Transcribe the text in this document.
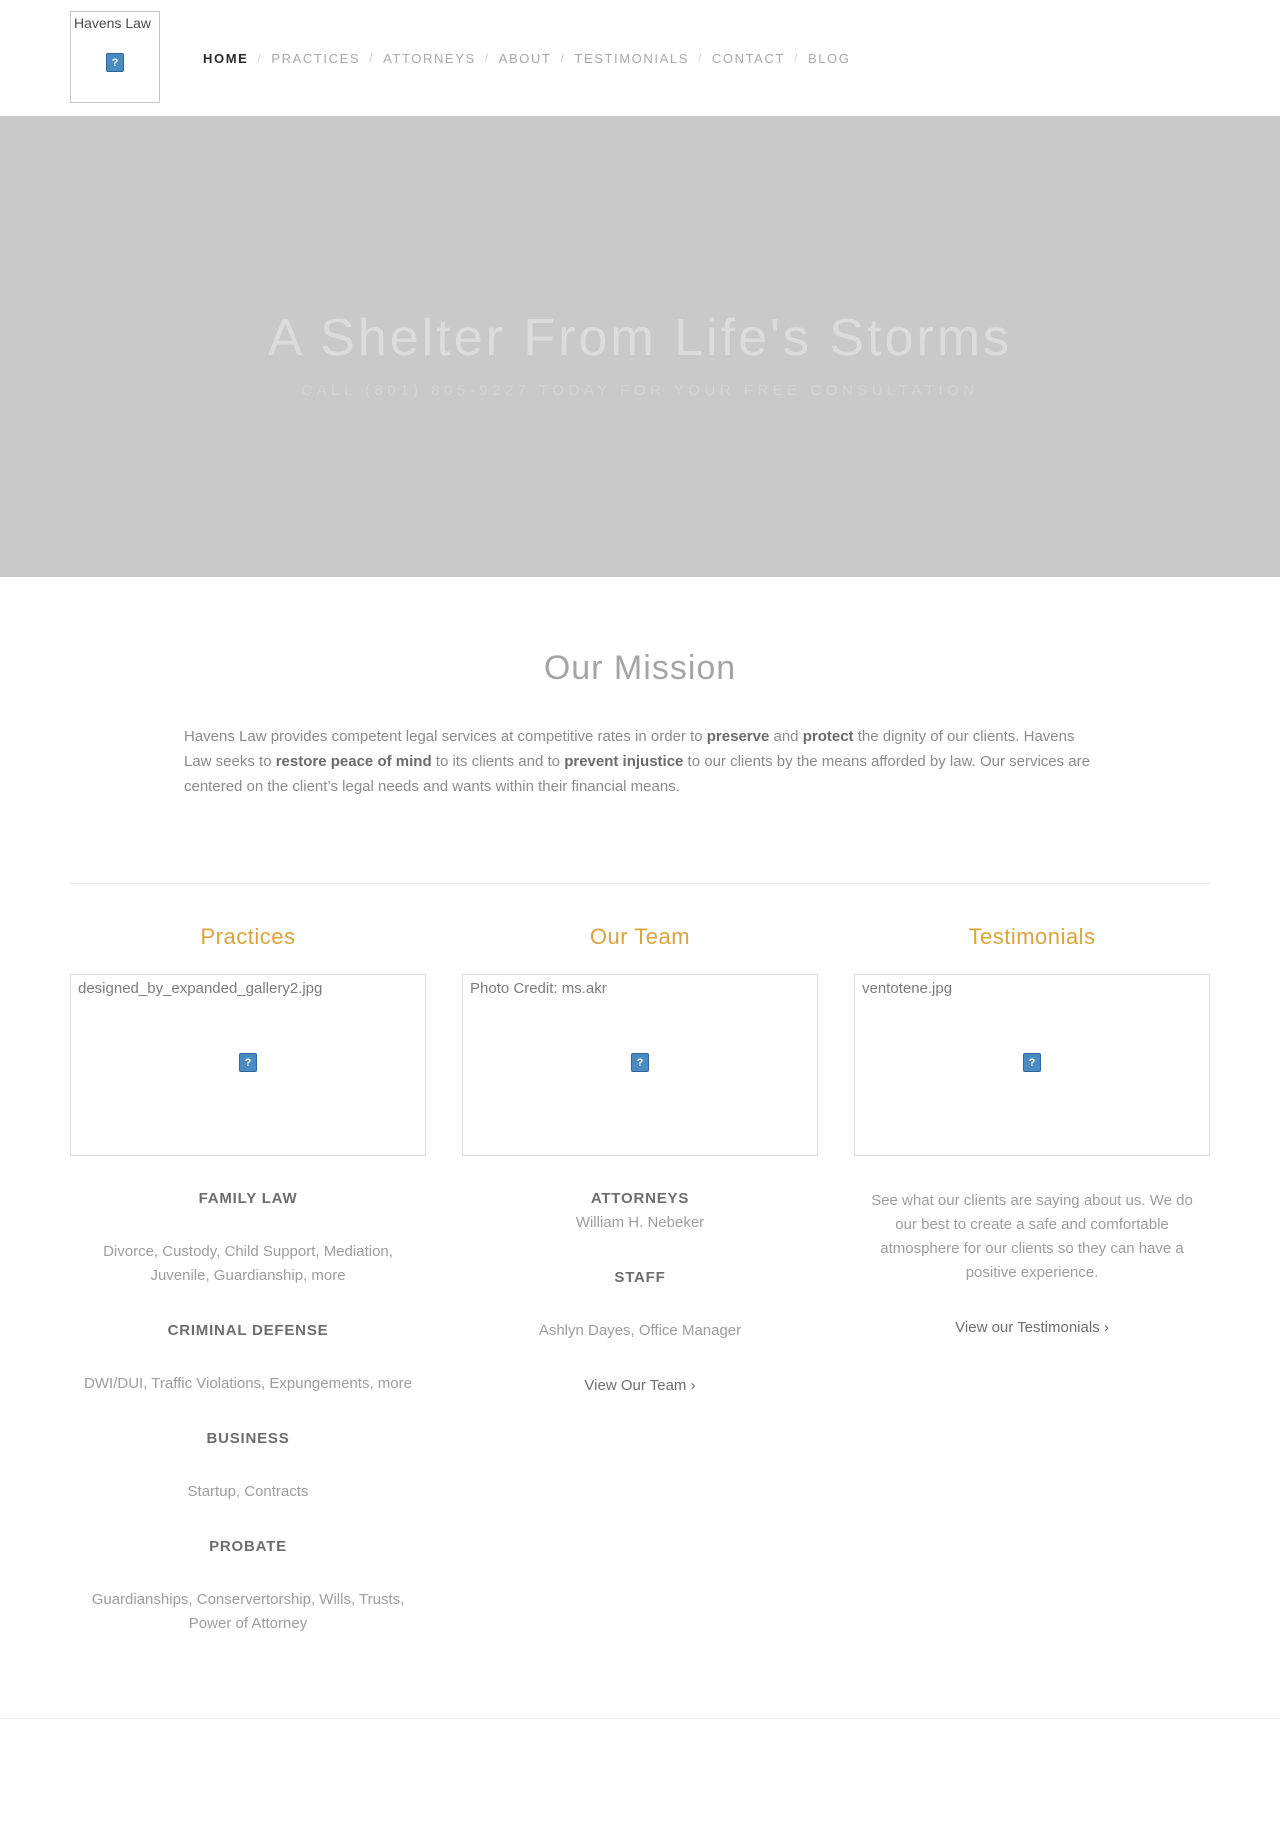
Havens Law
?	HOME / PRACTICES / ATTORNEYS / ABOUT / TESTIMONIALS / CONTACT / BLOG
A Shelter From Life's Storms

CALL (801) 805-9227 TODAY FOR YOUR FREE CONSULTATION

Our Mission

Havens Law provides competent legal services at competitive rates in order to preserve and protect the dignity of our clients. Havens Law seeks to restore peace of mind to its clients and to prevent injustice to our clients by the means afforded by law. Our services are centered on the client’s legal needs and wants within their financial means.

Practices
designed_by_expanded_gallery2.jpg
?
FAMILY LAW

Divorce, Custody, Child Support, Mediation, Juvenile, Guardianship, more

CRIMINAL DEFENSE

DWI/DUI, Traffic Violations, Expungements, more

BUSINESS

Startup, Contracts

PROBATE

Guardianships, Conservertorship, Wills, Trusts, Power of Attorney

Our Team
Photo Credit: ms.akr
?
ATTORNEYS

William H. Nebeker

STAFF

Ashlyn Dayes, Office Manager

View Our Team ›
Testimonials
ventotene.jpg
?

See what our clients are saying about us. We do our best to create a safe and comfortable atmosphere for our clients so they can have a positive experience.

View our Testimonials ›
